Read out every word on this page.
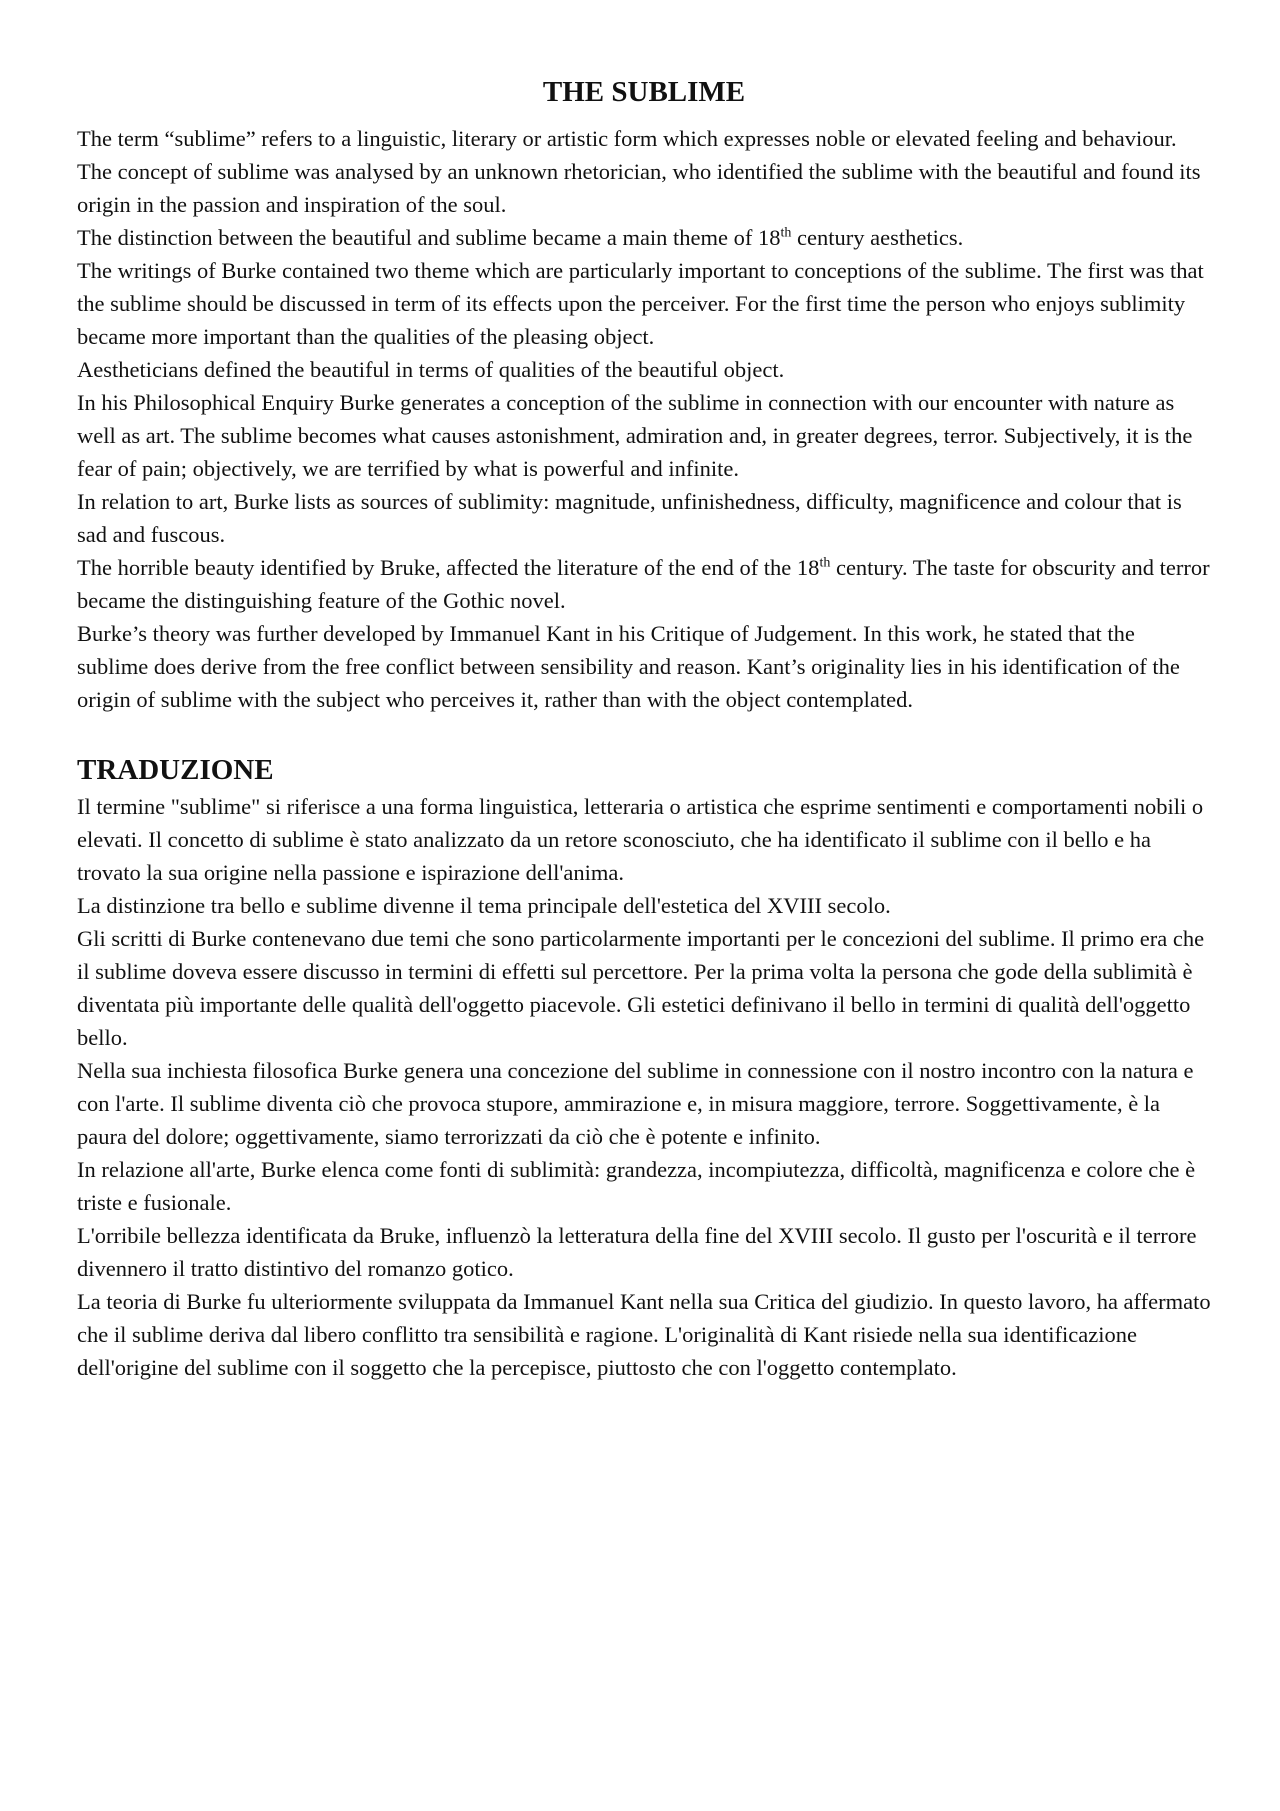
THE SUBLIME

The term “sublime” refers to a linguistic, literary or artistic form which expresses noble or elevated feeling and behaviour. The concept of sublime was analysed by an unknown rhetorician, who identified the sublime with the beautiful and found its origin in the passion and inspiration of the soul.

The distinction between the beautiful and sublime became a main theme of 18th century aesthetics.

The writings of Burke contained two theme which are particularly important to conceptions of the sublime. The first was that the sublime should be discussed in term of its effects upon the perceiver. For the first time the person who enjoys sublimity became more important than the qualities of the pleasing object.

Aestheticians defined the beautiful in terms of qualities of the beautiful object.

In his Philosophical Enquiry Burke generates a conception of the sublime in connection with our encounter with nature as well as art. The sublime becomes what causes astonishment, admiration and, in greater degrees, terror. Subjectively, it is the fear of pain; objectively, we are terrified by what is powerful and infinite.

In relation to art, Burke lists as sources of sublimity: magnitude, unfinishedness, difficulty, magnificence and colour that is sad and fuscous.

The horrible beauty identified by Bruke, affected the literature of the end of the 18th century. The taste for obscurity and terror became the distinguishing feature of the Gothic novel.

Burke’s theory was further developed by Immanuel Kant in his Critique of Judgement. In this work, he stated that the sublime does derive from the free conflict between sensibility and reason. Kant’s originality lies in his identification of the origin of sublime with the subject who perceives it, rather than with the object contemplated.

TRADUZIONE

Il termine "sublime" si riferisce a una forma linguistica, letteraria o artistica che esprime sentimenti e comportamenti nobili o elevati. Il concetto di sublime è stato analizzato da un retore sconosciuto, che ha identificato il sublime con il bello e ha trovato la sua origine nella passione e ispirazione dell'anima.

La distinzione tra bello e sublime divenne il tema principale dell'estetica del XVIII secolo.

Gli scritti di Burke contenevano due temi che sono particolarmente importanti per le concezioni del sublime. Il primo era che il sublime doveva essere discusso in termini di effetti sul percettore. Per la prima volta la persona che gode della sublimità è diventata più importante delle qualità dell'oggetto piacevole. Gli estetici definivano il bello in termini di qualità dell'oggetto bello.

Nella sua inchiesta filosofica Burke genera una concezione del sublime in connessione con il nostro incontro con la natura e con l'arte. Il sublime diventa ciò che provoca stupore, ammirazione e, in misura maggiore, terrore. Soggettivamente, è la paura del dolore; oggettivamente, siamo terrorizzati da ciò che è potente e infinito.

In relazione all'arte, Burke elenca come fonti di sublimità: grandezza, incompiutezza, difficoltà, magnificenza e colore che è triste e fusionale.

L'orribile bellezza identificata da Bruke, influenzò la letteratura della fine del XVIII secolo. Il gusto per l'oscurità e il terrore divennero il tratto distintivo del romanzo gotico.

La teoria di Burke fu ulteriormente sviluppata da Immanuel Kant nella sua Critica del giudizio. In questo lavoro, ha affermato che il sublime deriva dal libero conflitto tra sensibilità e ragione. L'originalità di Kant risiede nella sua identificazione dell'origine del sublime con il soggetto che la percepisce, piuttosto che con l'oggetto contemplato.
